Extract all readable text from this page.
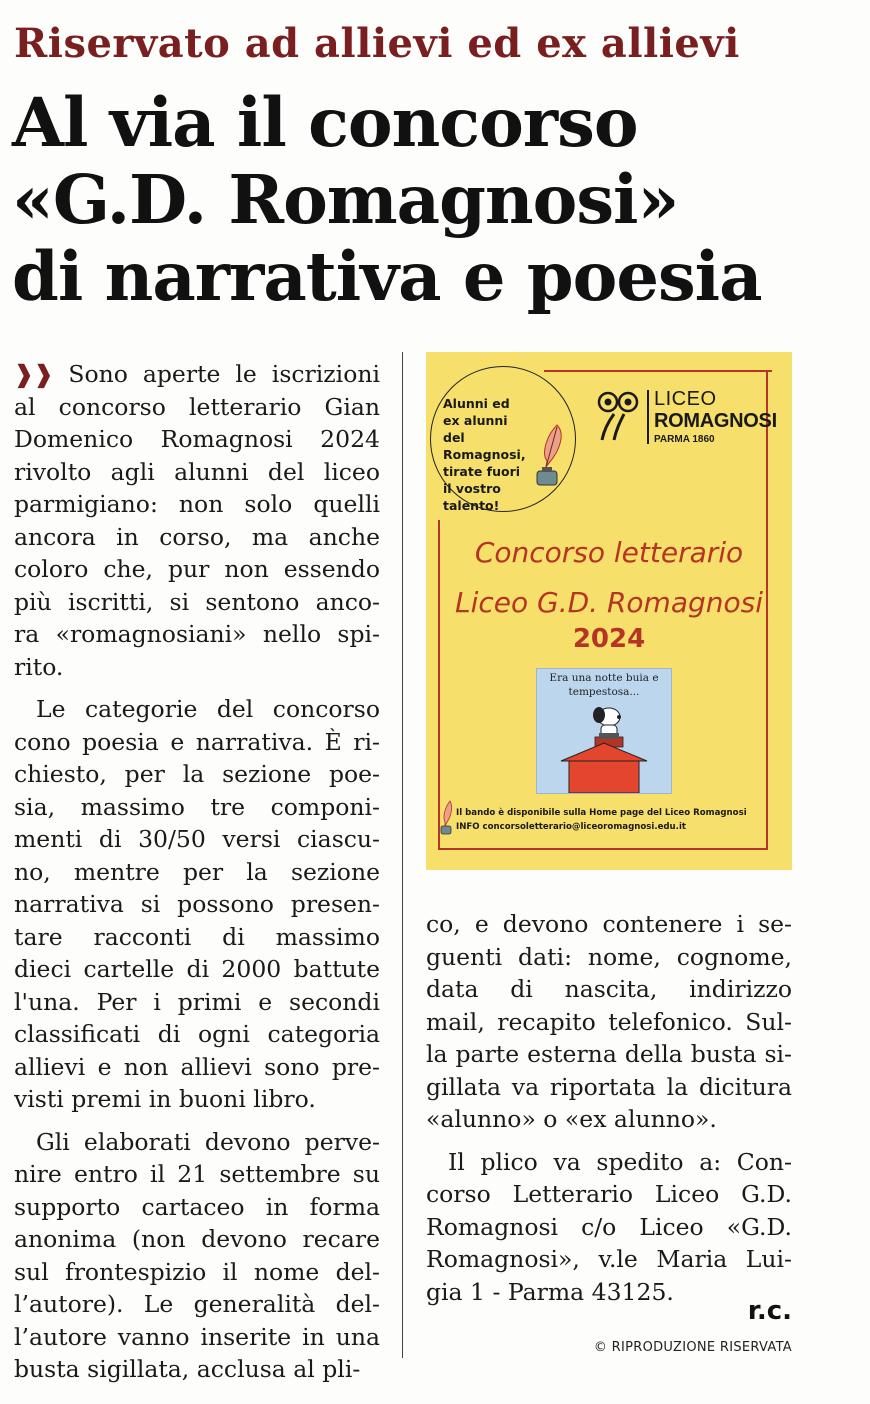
Riservato ad allievi ed ex allievi
Al via il concorso
«G.D. Romagnosi»
di narrativa e poesia

❱❱ Sono aperte le iscrizioni
al concorso letterario Gian
Domenico Romagnosi 2024
rivolto agli alunni del liceo
parmigiano: non solo quelli
ancora in corso, ma anche
coloro che, pur non essendo
più iscritti, si sentono anco-
ra «romagnosiani» nello spi-
rito.

Le categorie del concorso
cono poesia e narrativa. È ri-
chiesto, per la sezione poe-
sia, massimo tre componi-
menti di 30/50 versi ciascu-
no, mentre per la sezione
narrativa si possono presen-
tare racconti di massimo
dieci cartelle di 2000 battute
l'una. Per i primi e secondi
classificati di ogni categoria
allievi e non allievi sono pre-
visti premi in buoni libro.

Gli elaborati devono perve-
nire entro il 21 settembre su
supporto cartaceo in forma
anonima (non devono recare
sul frontespizio il nome del-
l’autore). Le generalità del-
l’autore vanno inserite in una
busta sigillata, acclusa al pli-

Alunni ed
ex alunni
del
Romagnosi,
tirate fuori
il vostro
talento!
LICEO
ROMAGNOSI
PARMA 1860
Concorso letterario
Liceo G.D. Romagnosi
2024
Era una notte buia e
tempestosa...
Il bando è disponibile sulla Home page del Liceo Romagnosi
INFO concorsoletterario@liceoromagnosi.edu.it

co, e devono contenere i se-
guenti dati: nome, cognome,
data di nascita, indirizzo
mail, recapito telefonico. Sul-
la parte esterna della busta si-
gillata va riportata la dicitura
«alunno» o «ex alunno».

Il plico va spedito a: Con-
corso Letterario Liceo G.D.
Romagnosi c/o Liceo «G.D.
Romagnosi», v.le Maria Lui-
gia 1 - Parma 43125.

r.c.
© RIPRODUZIONE RISERVATA
